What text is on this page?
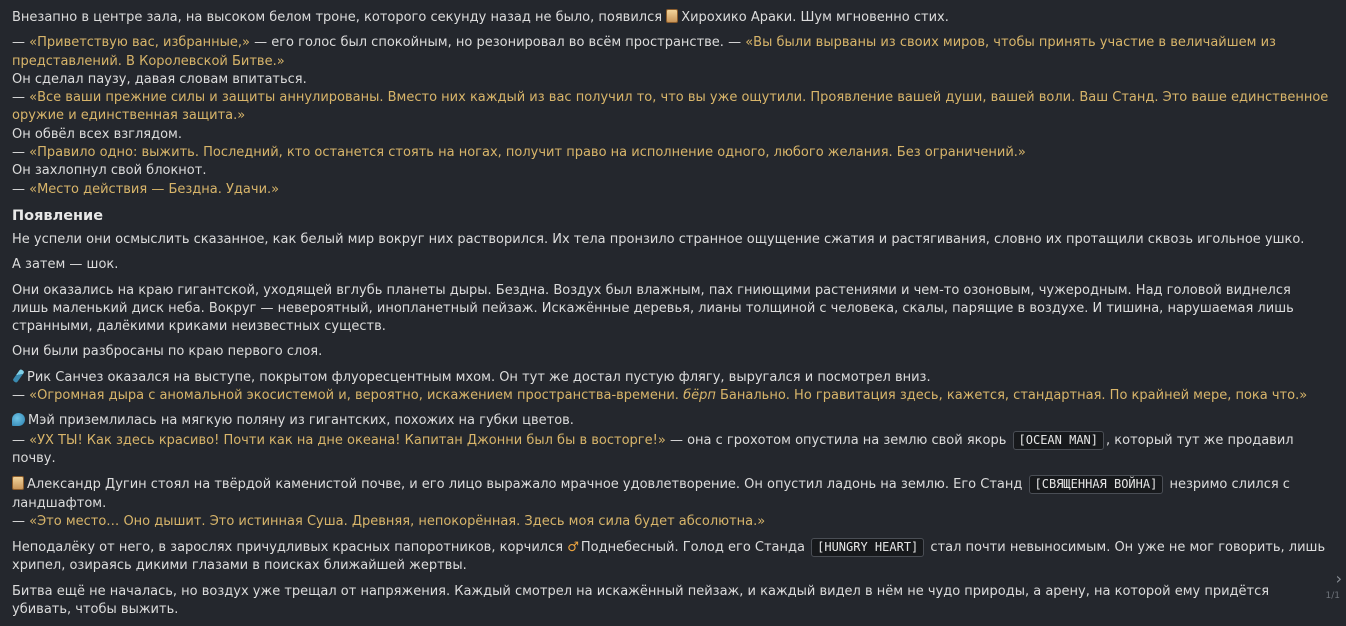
Внезапно в центре зала, на высоком белом троне, которого секунду назад не было, появился Хирохико Араки. Шум мгновенно стих.

— «Приветствую вас, избранные,» — его голос был спокойным, но резонировал во всём пространстве. — «Вы были вырваны из своих миров, чтобы принять участие в величайшем из представлений. В Королевской Битве.»

Он сделал паузу, давая словам впитаться.

— «Все ваши прежние силы и защиты аннулированы. Вместо них каждый из вас получил то, что вы уже ощутили. Проявление вашей души, вашей воли. Ваш Станд. Это ваше единственное оружие и единственная защита.»

Он обвёл всех взглядом.

— «Правило одно: выжить. Последний, кто останется стоять на ногах, получит право на исполнение одного, любого желания. Без ограничений.»

Он захлопнул свой блокнот.

— «Место действия — Бездна. Удачи.»

Появление

Не успели они осмыслить сказанное, как белый мир вокруг них растворился. Их тела пронзило странное ощущение сжатия и растягивания, словно их протащили сквозь игольное ушко.

А затем — шок.

Они оказались на краю гигантской, уходящей вглубь планеты дыры. Бездна. Воздух был влажным, пах гниющими растениями и чем-то озоновым, чужеродным. Над головой виднелся лишь маленький диск неба. Вокруг — невероятный, инопланетный пейзаж. Искажённые деревья, лианы толщиной с человека, скалы, парящие в воздухе. И тишина, нарушаемая лишь странными, далёкими криками неизвестных существ.

Они были разбросаны по краю первого слоя.

Рик Санчез оказался на выступе, покрытом флуоресцентным мхом. Он тут же достал пустую флягу, выругался и посмотрел вниз.

— «Огромная дыра с аномальной экосистемой и, вероятно, искажением пространства-времени. бёрп Банально. Но гравитация здесь, кажется, стандартная. По крайней мере, пока что.»

Мэй приземлилась на мягкую поляну из гигантских, похожих на губки цветов.

— «УХ ТЫ! Как здесь красиво! Почти как на дне океана! Капитан Джонни был бы в восторге!» — она с грохотом опустила на землю свой якорь [OCEAN MAN] , который тут же продавил почву.

Александр Дугин стоял на твёрдой каменистой почве, и его лицо выражало мрачное удовлетворение. Он опустил ладонь на землю. Его Станд [СВЯЩЕННАЯ ВОЙНА] незримо слился с ландшафтом.

— «Это место… Оно дышит. Это истинная Суша. Древняя, непокорённая. Здесь моя сила будет абсолютна.»

Неподалёку от него, в зарослях причудливых красных папоротников, корчился ♂ Поднебесный. Голод его Станда [HUNGRY HEART] стал почти невыносимым. Он уже не мог говорить, лишь хрипел, озираясь дикими глазами в поисках ближайшей жертвы.

Битва ещё не началась, но воздух уже трещал от напряжения. Каждый смотрел на искажённый пейзаж, и каждый видел в нём не чудо природы, а арену, на которой ему придётся убивать, чтобы выжить.

›
1/1
